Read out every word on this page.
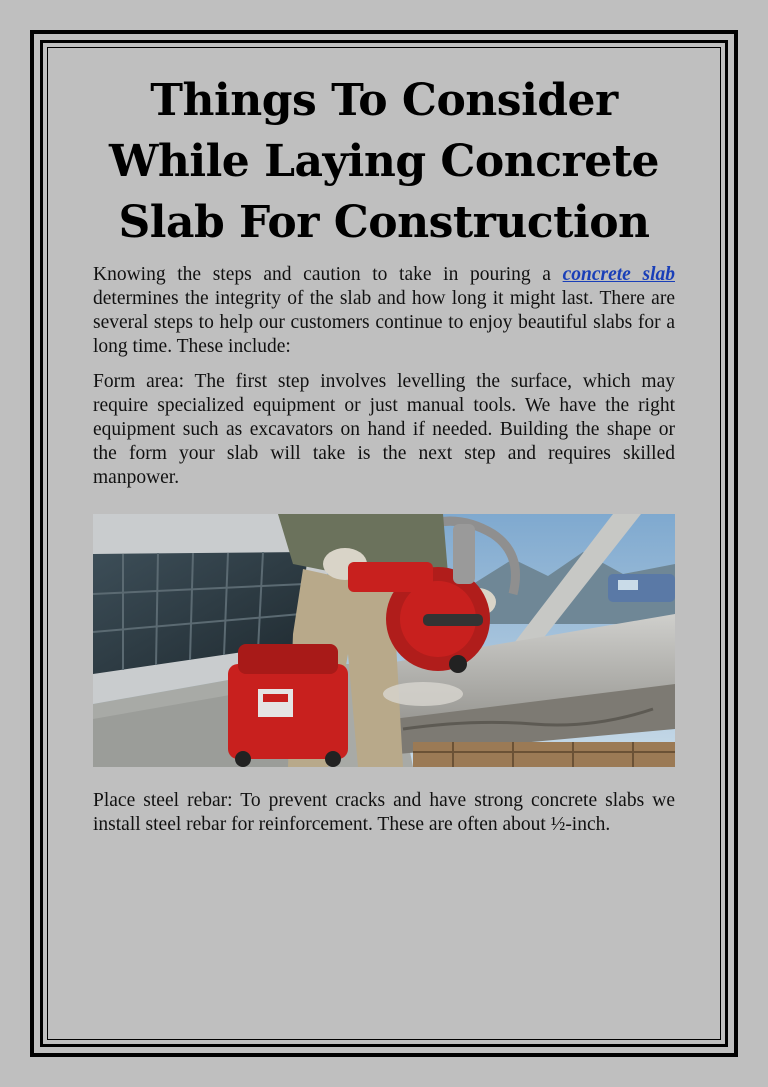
Things To Consider While Laying Concrete Slab For Construction

Knowing the steps and caution to take in pouring a concrete slab determines the integrity of the slab and how long it might last. There are several steps to help our customers continue to enjoy beautiful slabs for a long time. These include:

Form area: The first step involves levelling the surface, which may require specialized equipment or just manual tools. We have the right equipment such as excavators on hand if needed. Building the shape or the form your slab will take is the next step and requires skilled manpower.

Place steel rebar: To prevent cracks and have strong concrete slabs we install steel rebar for reinforcement. These are often about ½-inch.
